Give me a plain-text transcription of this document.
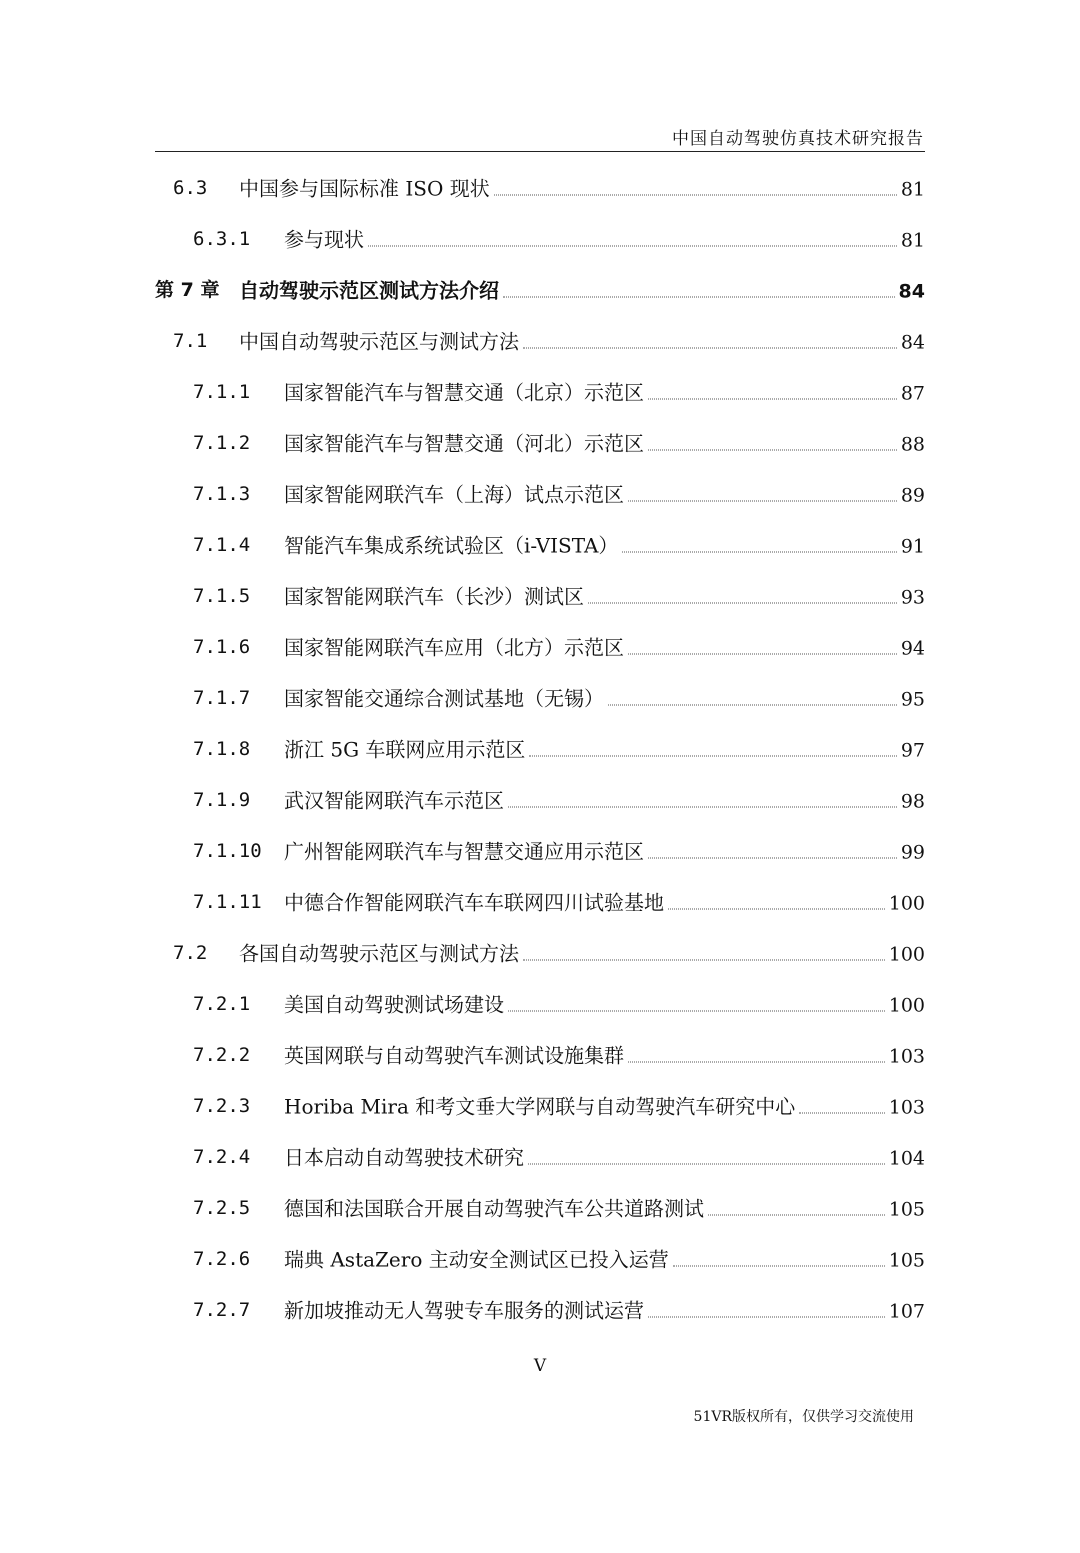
中国自动驾驶仿真技术研究报告
6.3 中国参与国际标准 ISO 现状	81
6.3.1 参与现状	81
第 7 章 自动驾驶示范区测试方法介绍	84
7.1 中国自动驾驶示范区与测试方法	84
7.1.1 国家智能汽车与智慧交通（北京）示范区	87
7.1.2 国家智能汽车与智慧交通（河北）示范区	88
7.1.3 国家智能网联汽车（上海）试点示范区	89
7.1.4 智能汽车集成系统试验区（i-VISTA）	91
7.1.5 国家智能网联汽车（长沙）测试区	93
7.1.6 国家智能网联汽车应用（北方）示范区	94
7.1.7 国家智能交通综合测试基地（无锡）	95
7.1.8 浙江 5G 车联网应用示范区	97
7.1.9 武汉智能网联汽车示范区	98
7.1.10 广州智能网联汽车与智慧交通应用示范区	99
7.1.11 中德合作智能网联汽车车联网四川试验基地	100
7.2 各国自动驾驶示范区与测试方法	100
7.2.1 美国自动驾驶测试场建设	100
7.2.2 英国网联与自动驾驶汽车测试设施集群	103
7.2.3 Horiba Mira 和考文垂大学网联与自动驾驶汽车研究中心	103
7.2.4 日本启动自动驾驶技术研究	104
7.2.5 德国和法国联合开展自动驾驶汽车公共道路测试	105
7.2.6 瑞典 AstaZero 主动安全测试区已投入运营	105
7.2.7 新加坡推动无人驾驶专车服务的测试运营	107
V
51VR版权所有，仅供学习交流使用
